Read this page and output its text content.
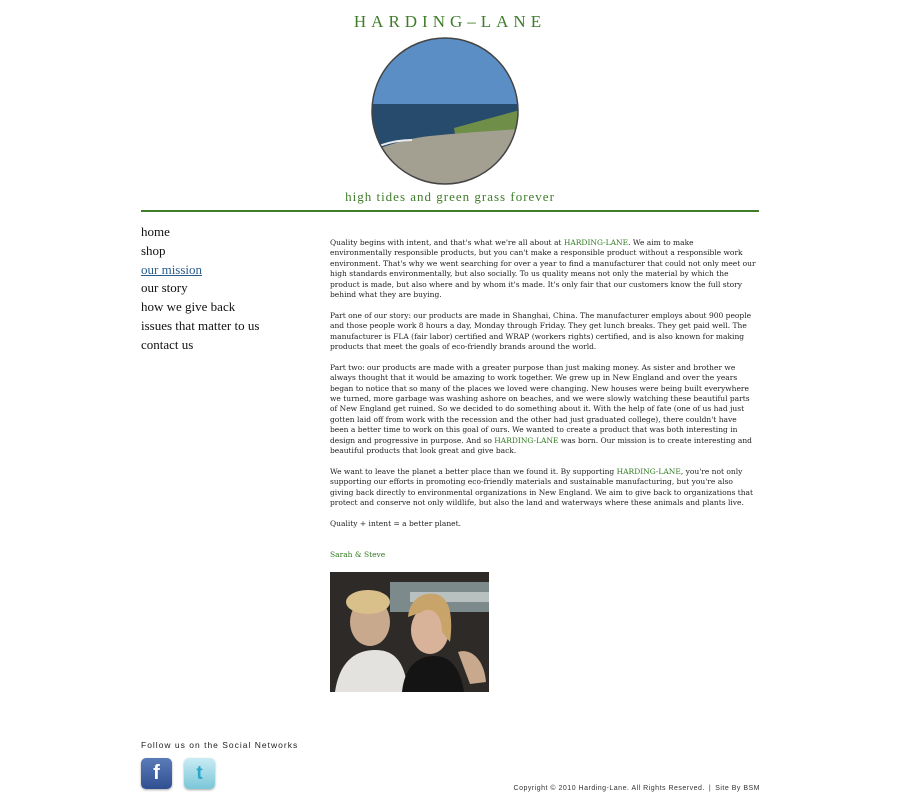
HARDING–LANE
high tides and green grass forever
home
shop
our mission
our story
how we give back
issues that matter to us
contact us

Quality begins with intent, and that's what we're all about at HARDING-LANE. We aim to make environmentally responsible products, but you can't make a responsible product without a responsible work environment. That's why we went searching for over a year to find a manufacturer that could not only meet our high standards environmentally, but also socially. To us quality means not only the material by which the product is made, but also where and by whom it's made. It's only fair that our customers know the full story behind what they are buying.

Part one of our story: our products are made in Shanghai, China. The manufacturer employs about 900 people and those people work 8 hours a day, Monday through Friday. They get lunch breaks. They get paid well. The manufacturer is FLA (fair labor) certified and WRAP (workers rights) certified, and is also known for making products that meet the goals of eco-friendly brands around the world.

Part two: our products are made with a greater purpose than just making money. As sister and brother we always thought that it would be amazing to work together. We grew up in New England and over the years began to notice that so many of the places we loved were changing. New houses were being built everywhere we turned, more garbage was washing ashore on beaches, and we were slowly watching these beautiful parts of New England get ruined. So we decided to do something about it. With the help of fate (one of us had just gotten laid off from work with the recession and the other had just graduated college), there couldn't have been a better time to work on this goal of ours. We wanted to create a product that was both interesting in design and progressive in purpose. And so HARDING-LANE was born. Our mission is to create interesting and beautiful products that look great and give back.

We want to leave the planet a better place than we found it. By supporting HARDING-LANE, you're not only supporting our efforts in promoting eco-friendly materials and sustainable manufacturing, but you're also giving back directly to environmental organizations in New England. We aim to give back to organizations that protect and conserve not only wildlife, but also the land and waterways where these animals and plants live.

Quality + intent = a better planet.

Sarah & Steve
Follow us on the Social Networks
f	t
Copyright © 2010 Harding-Lane. All Rights Reserved. | Site By BSM
